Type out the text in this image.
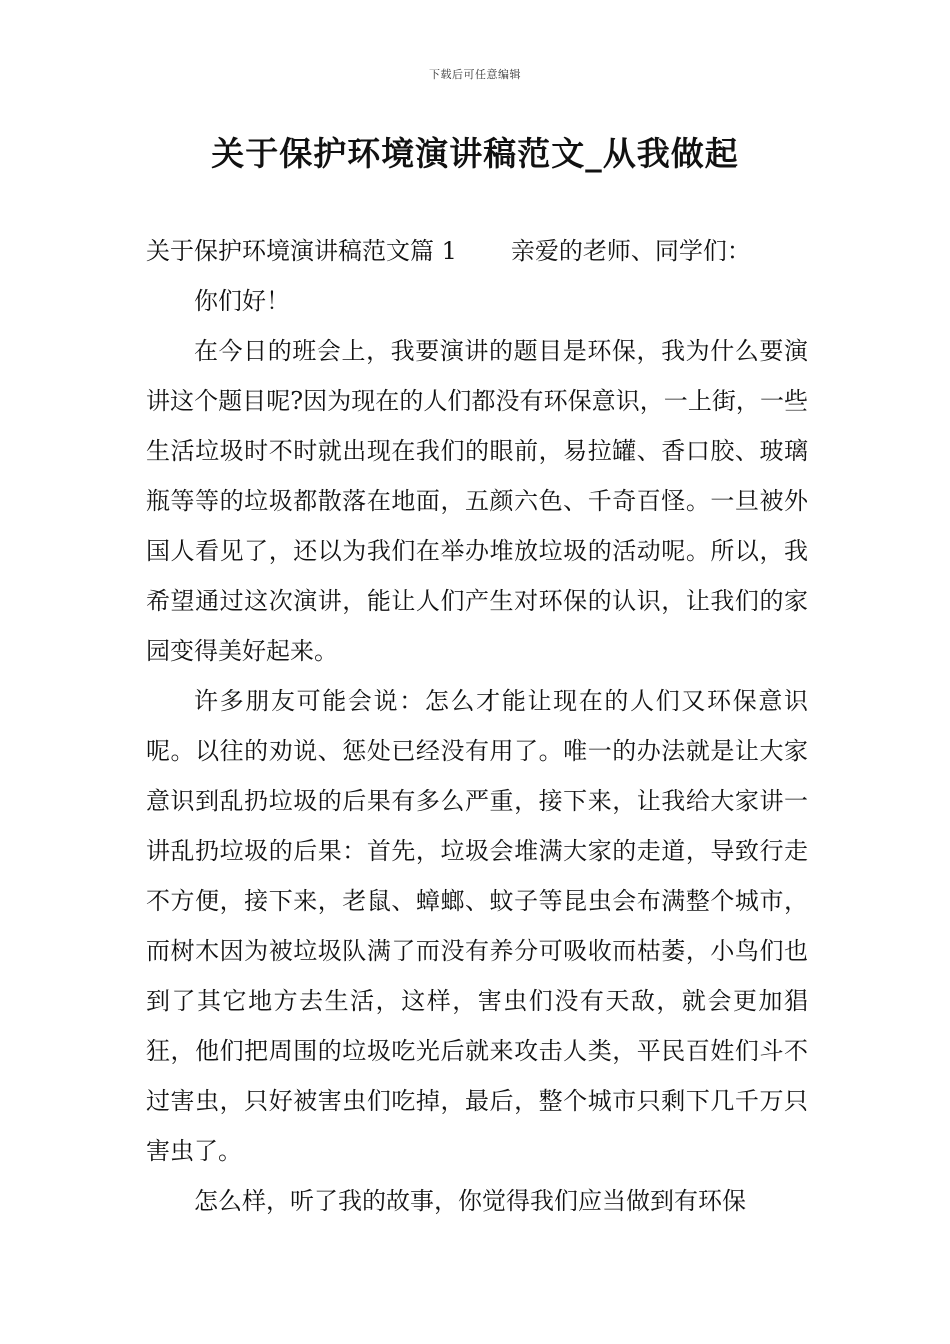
下载后可任意编辑
关于保护环境演讲稿范文_从我做起

关于保护环境演讲稿范文篇 1 亲爱的老师、同学们：

你们好！

在今日的班会上，我要演讲的题目是环保，我为什么要演讲这个题目呢?因为现在的人们都没有环保意识，一上街，一些生活垃圾时不时就出现在我们的眼前，易拉罐、香口胶、玻璃瓶等等的垃圾都散落在地面，五颜六色、千奇百怪。一旦被外国人看见了，还以为我们在举办堆放垃圾的活动呢。所以，我希望通过这次演讲，能让人们产生对环保的认识，让我们的家园变得美好起来。

许多朋友可能会说：怎么才能让现在的人们又环保意识呢。以往的劝说、惩处已经没有用了。唯一的办法就是让大家意识到乱扔垃圾的后果有多么严重，接下来，让我给大家讲一讲乱扔垃圾的后果：首先，垃圾会堆满大家的走道，导致行走不方便，接下来，老鼠、蟑螂、蚊子等昆虫会布满整个城市，而树木因为被垃圾队满了而没有养分可吸收而枯萎，小鸟们也到了其它地方去生活，这样，害虫们没有天敌，就会更加猖狂，他们把周围的垃圾吃光后就来攻击人类，平民百姓们斗不过害虫，只好被害虫们吃掉，最后，整个城市只剩下几千万只害虫了。

怎么样，听了我的故事，你觉得我们应当做到有环保
